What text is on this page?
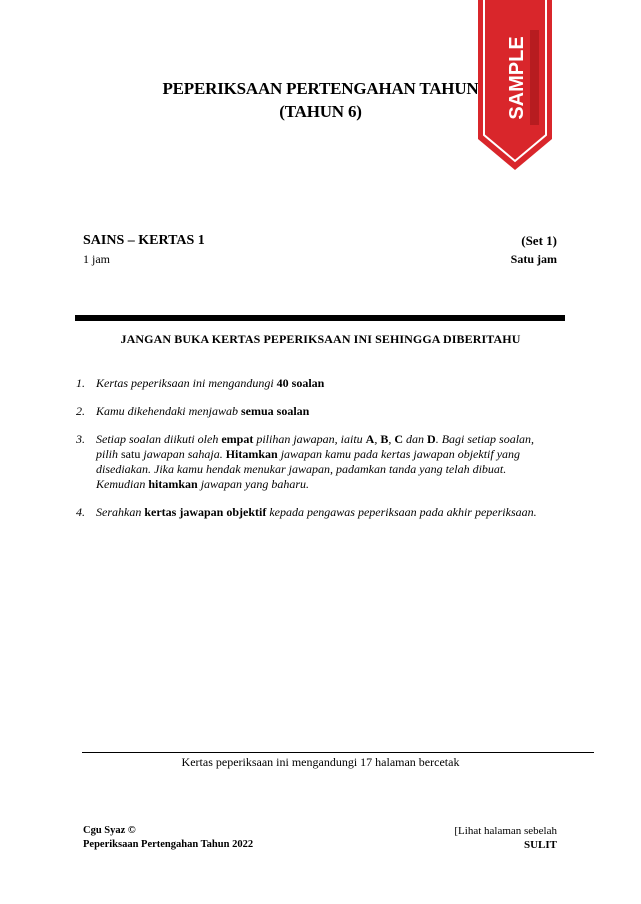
PEPERIKSAAN PERTENGAHAN TAHUN
(TAHUN 6)	SAMPLE
SAINS – KERTAS 1
1 jam
(Set 1)
Satu jam
JANGAN BUKA KERTAS PEPERIKSAAN INI SEHINGGA DIBERITAHU
1. Kertas peperiksaan ini mengandungi 40 soalan
2. Kamu dikehendaki menjawab semua soalan
3. Setiap soalan diikuti oleh empat pilihan jawapan, iaitu A, B, C dan D. Bagi setiap soalan, pilih satu jawapan sahaja. Hitamkan jawapan kamu pada kertas jawapan objektif yang disediakan. Jika kamu hendak menukar jawapan, padamkan tanda yang telah dibuat. Kemudian hitamkan jawapan yang baharu.
4. Serahkan kertas jawapan objektif kepada pengawas peperiksaan pada akhir peperiksaan.
Kertas peperiksaan ini mengandungi 17 halaman bercetak
Cgu Syaz ©
Peperiksaan Pertengahan Tahun 2022
[Lihat halaman sebelah
SULIT
